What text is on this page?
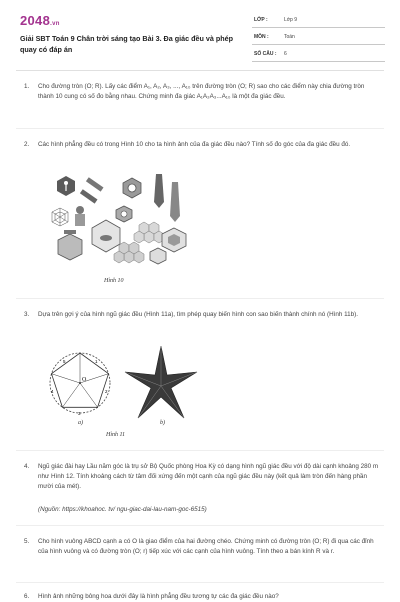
2048.vn
Giải SBT Toán 9 Chân trời sáng tạo Bài 3. Đa giác đều và phép quay có đáp án
LỚP :	Lớp 9
MÔN :	Toán
SỐ CÂU : 6
1. Cho đường tròn (O; R). Lấy các điểm A₁, A₂, A₃, ..., A₁₀ trên đường tròn (O; R) sao cho các điểm này chia đường tròn thành 10 cung có số đo bằng nhau. Chứng minh đa giác A₁A₂A₃...A₁₀ là một đa giác đều.
2. Các hình phẳng đều có trong Hình 10 cho ta hình ảnh của đa giác đều nào? Tính số đo góc của đa giác đều đó.
Hình 10
3. Dựa trên gợi ý của hình ngũ giác đều (Hình 11a), tìm phép quay biến hình con sao biến thành chính nó (Hình 11b).
O
5	1
2
3
4
a)	b)
Hình 11
4. Ngũ giác đài hay Lầu năm góc là trụ sở Bộ Quốc phòng Hoa Kỳ có dạng hình ngũ giác đều với độ dài cạnh khoảng 280 m như Hình 12. Tính khoảng cách từ tâm đối xứng đến một cạnh của ngũ giác đều này (kết quả làm tròn đến hàng phần mười của mét).
(Nguồn: https://khoahoc. tv/ ngu-giac-dai-lau-nam-goc-6515)
5. Cho hình vuông ABCD cạnh a có O là giao điểm của hai đường chéo. Chứng minh có đường tròn (O; R) đi qua các đỉnh của hình vuông và có đường tròn (O; r) tiếp xúc với các cạnh của hình vuông. Tính theo a bán kính R và r.
6. Hình ảnh những bông hoa dưới đây là hình phẳng đều tương tự các đa giác đều nào?
